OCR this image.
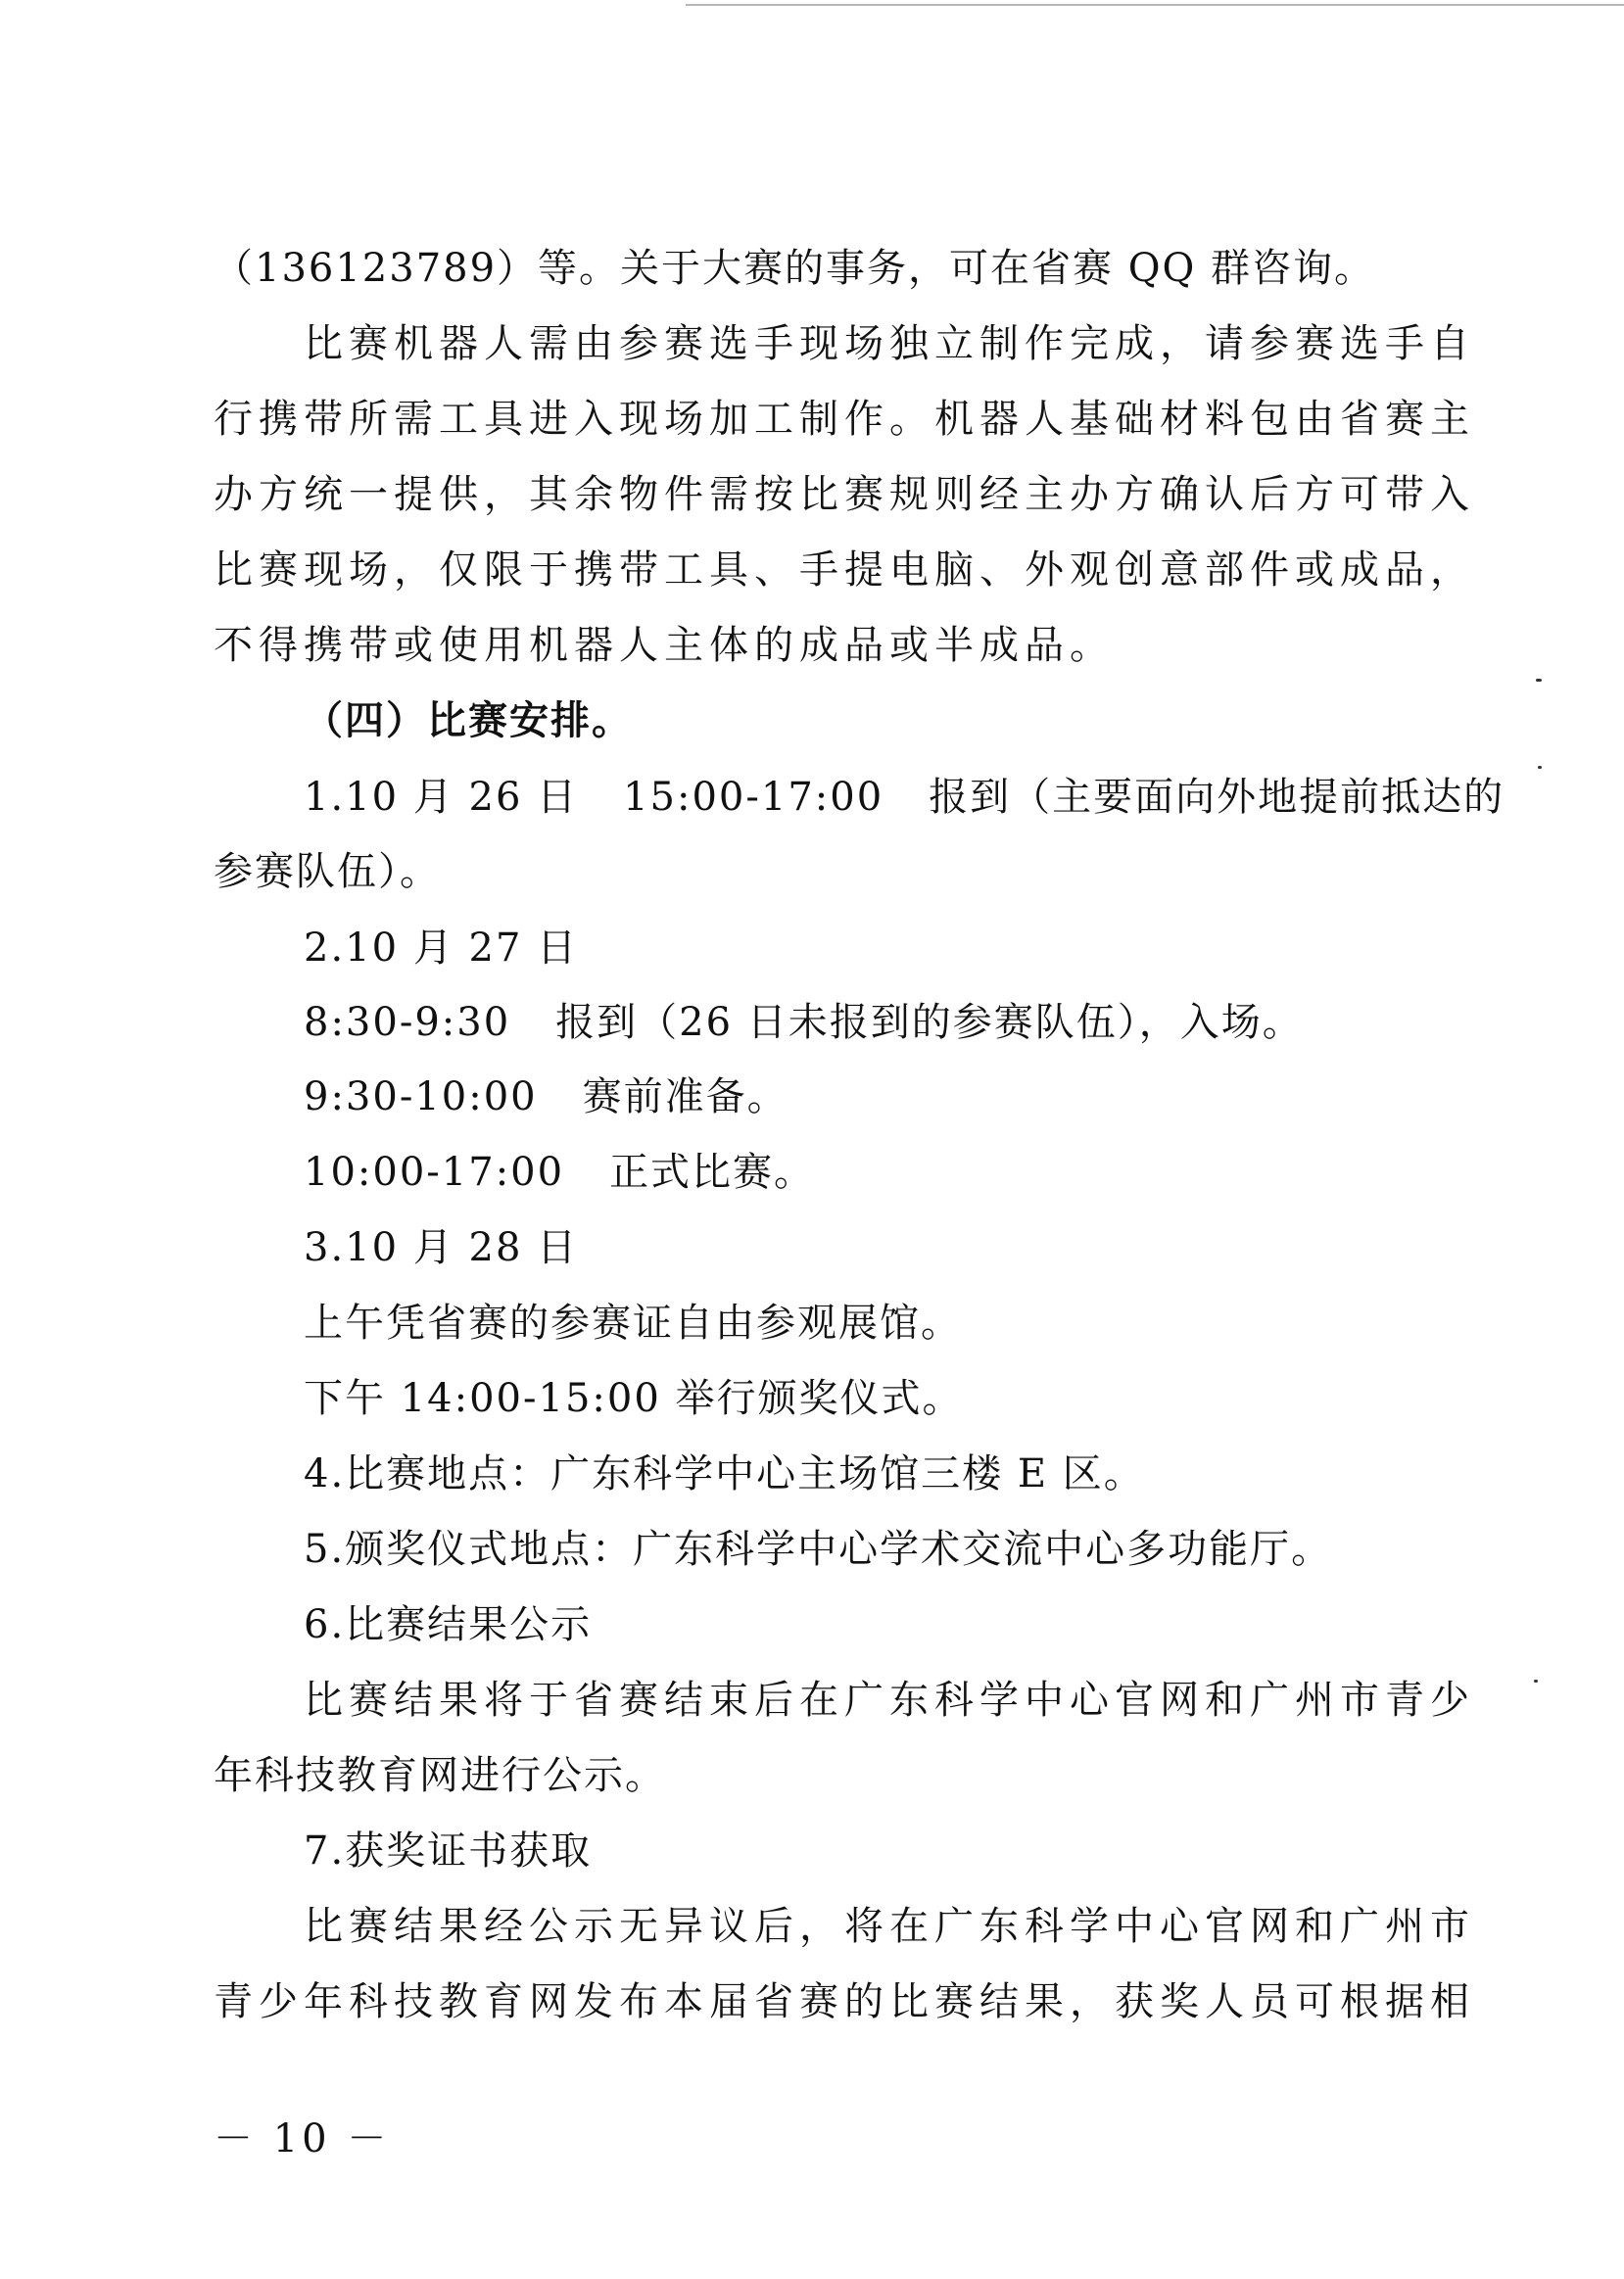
（136123789）等。关于大赛的事务，可在省赛 QQ 群咨询。

比赛机器人需由参赛选手现场独立制作完成，请参赛选手自

行携带所需工具进入现场加工制作。机器人基础材料包由省赛主

办方统一提供，其余物件需按比赛规则经主办方确认后方可带入

比赛现场，仅限于携带工具、手提电脑、外观创意部件或成品，

不得携带或使用机器人主体的成品或半成品。

（四）比赛安排。

1.10 月 26 日 15:00-17:00 报到（主要面向外地提前抵达的

参赛队伍）。

2.10 月 27 日

8:30-9:30 报到（26 日未报到的参赛队伍），入场。

9:30-10:00 赛前准备。

10:00-17:00 正式比赛。

3.10 月 28 日

上午凭省赛的参赛证自由参观展馆。

下午 14:00-15:00 举行颁奖仪式。

4.比赛地点：广东科学中心主场馆三楼 E 区。

5.颁奖仪式地点：广东科学中心学术交流中心多功能厅。

6.比赛结果公示

比赛结果将于省赛结束后在广东科学中心官网和广州市青少

年科技教育网进行公示。

7.获奖证书获取

比赛结果经公示无异议后，将在广东科学中心官网和广州市

青少年科技教育网发布本届省赛的比赛结果，获奖人员可根据相

－ 10 －
